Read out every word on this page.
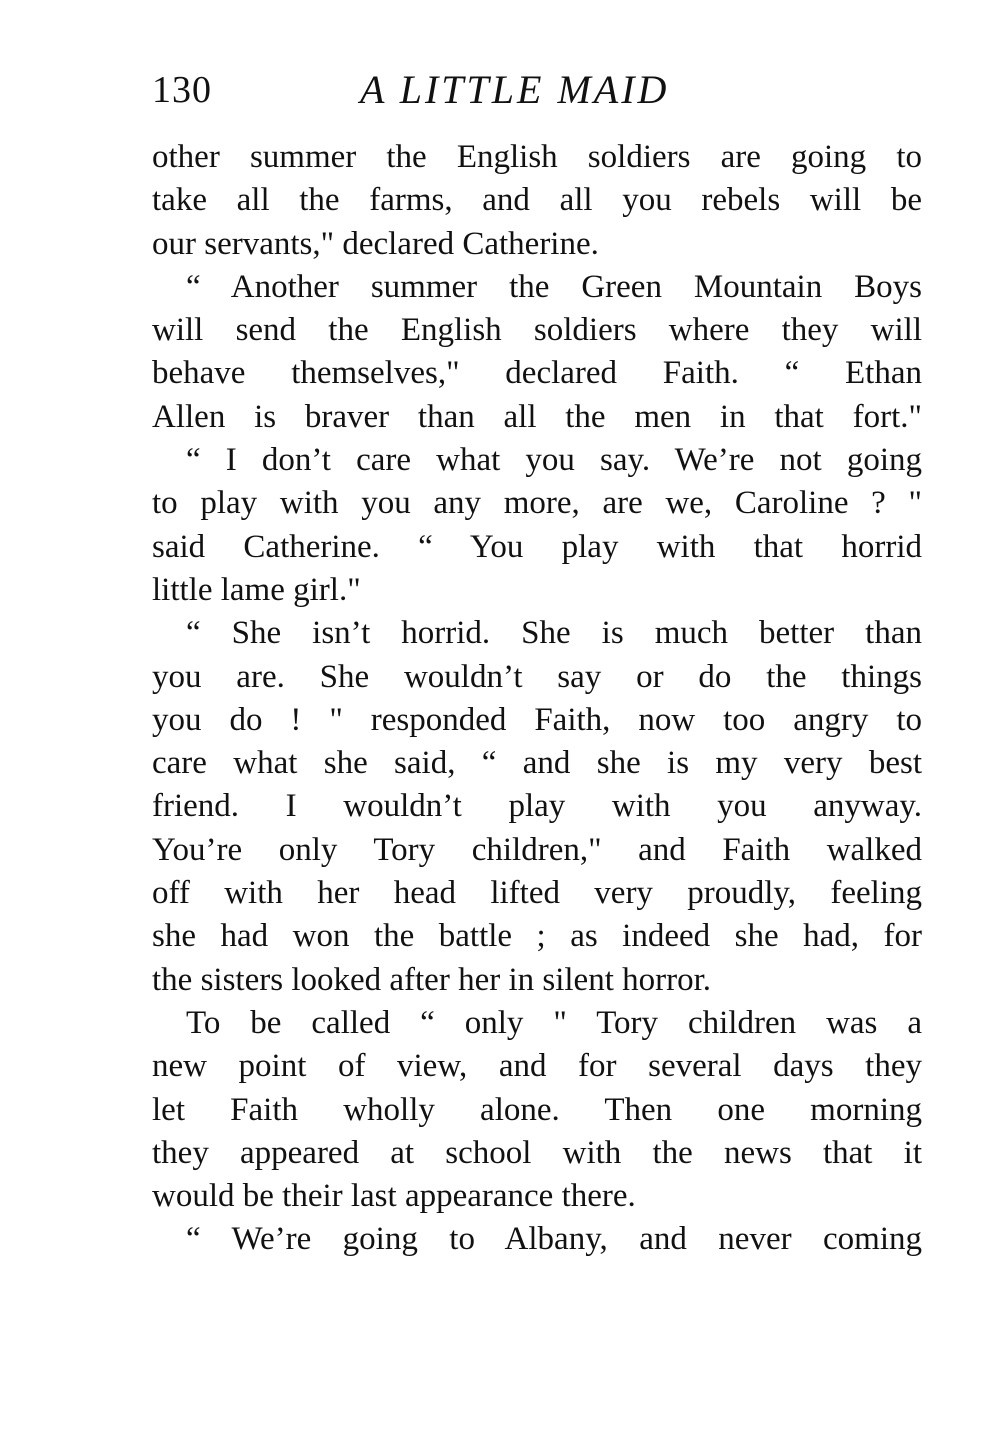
130	A LITTLE MAID
other summer the English soldiers are going to
take all the farms, and all you rebels will be
our servants," declared Catherine.
“ Another summer the Green Mountain Boys
will send the English soldiers where they will
behave themselves," declared Faith. “ Ethan
Allen is braver than all the men in that fort."
“ I don’t care what you say. We’re not going
to play with you any more, are we, Caroline ? "
said Catherine. “ You play with that horrid
little lame girl."
“ She isn’t horrid. She is much better than
you are. She wouldn’t say or do the things
you do ! " responded Faith, now too angry to
care what she said, “ and she is my very best
friend. I wouldn’t play with you anyway.
You’re only Tory children," and Faith walked
off with her head lifted very proudly, feeling
she had won the battle ; as indeed she had, for
the sisters looked after her in silent horror.
To be called “ only " Tory children was a
new point of view, and for several days they
let Faith wholly alone. Then one morning
they appeared at school with the news that it
would be their last appearance there.
“ We’re going to Albany, and never coming
